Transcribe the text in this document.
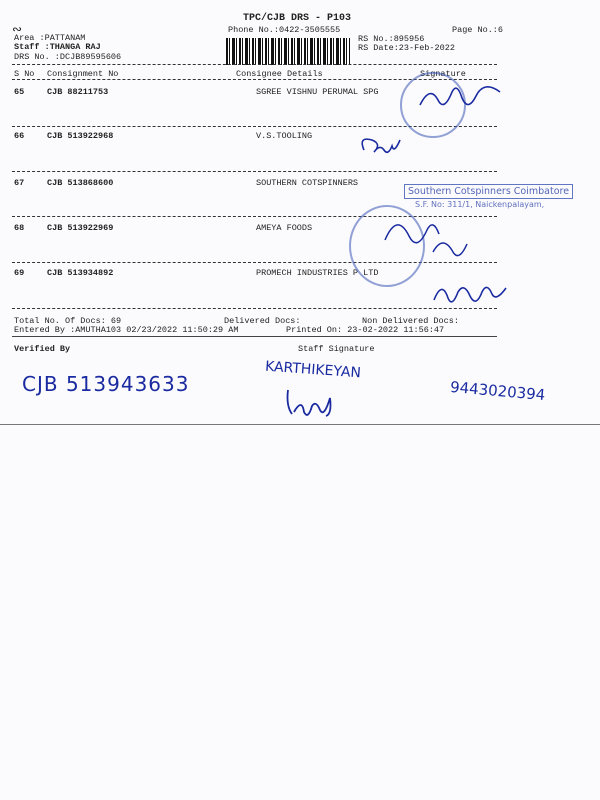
TPC/CJB DRS - P103
Phone No.:0422-3505555	Page No.:6
∾
Area :PATTANAM
Staff :THANGA RAJ
DRS No. :DCJB89595606
RS No.:895956
RS Date:23-Feb-2022
S No Consignment No	Consignee Details	Signature
65	CJB 88211753	SGREE VISHNU PERUMAL SPG
66	CJB 513922968	V.S.TOOLING
67	CJB 513868600	SOUTHERN COTSPINNERS
68	CJB 513922969	AMEYA FOODS
69	CJB 513934892	PROMECH INDUSTRIES P LTD
Southern Cotspinners Coimbatore
S.F. No: 311/1, Naickenpalayam,
Total No. Of Docs: 69	Delivered Docs:	Non Delivered Docs:
Entered By :AMUTHA103 02/23/2022 11:50:29 AM	Printed On: 23-02-2022 11:56:47
Verified By	Staff Signature
CJB 513943633
KARTHIKEYAN
9443020394
